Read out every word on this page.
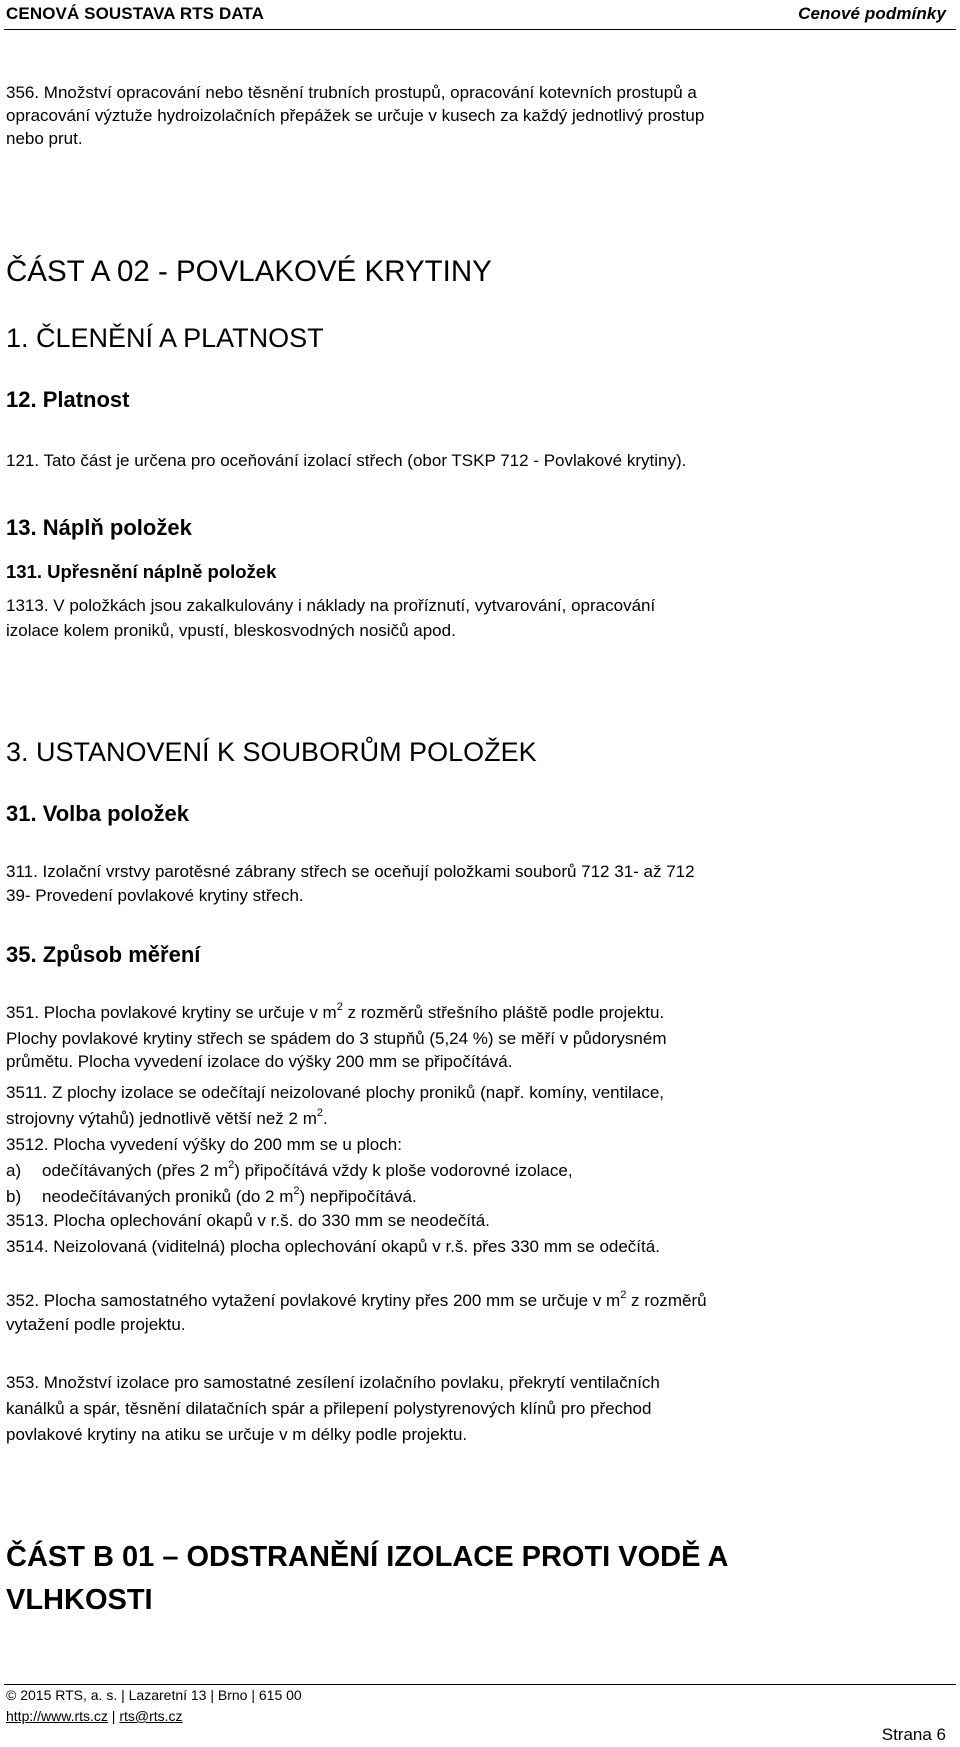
CENOVÁ SOUSTAVA RTS DATA	Cenové podmínky
356. Množství opracování nebo těsnění trubních prostupů, opracování kotevních prostupů a
opracování výztuže hydroizolačních přepážek se určuje v kusech za každý jednotlivý prostup
nebo prut.
ČÁST A 02 - POVLAKOVÉ KRYTINY
1. ČLENĚNÍ A PLATNOST
12. Platnost
121. Tato část je určena pro oceňování izolací střech (obor TSKP 712 - Povlakové krytiny).
13. Náplň položek
131. Upřesnění náplně položek
1313. V položkách jsou zakalkulovány i náklady na proříznutí, vytvarování, opracování
izolace kolem proniků, vpustí, bleskosvodných nosičů apod.
3. USTANOVENÍ K SOUBORŮM POLOŽEK
31. Volba položek
311. Izolační vrstvy parotěsné zábrany střech se oceňují položkami souborů 712 31- až 712
39- Provedení povlakové krytiny střech.
35. Způsob měření
351. Plocha povlakové krytiny se určuje v $m^2$ z rozměrů střešního pláště podle projektu.
Plochy povlakové krytiny střech se spádem do 3 stupňů (5,24 %) se měří v půdorysném
průmětu. Plocha vyvedení izolace do výšky 200 mm se připočítává.
3511. Z plochy izolace se odečítají neizolované plochy proniků (např. komíny, ventilace,
strojovny výtahů) jednotlivě větší než 2 $m^2$.
3512. Plocha vyvedení výšky do 200 mm se u ploch:
a) odečítávaných (přes 2 $m^2$) připočítává vždy k ploše vodorovné izolace,
b) neodečítávaných proniků (do 2 $m^2$) nepřipočítává.
3513. Plocha oplechování okapů v r.š. do 330 mm se neodečítá.
3514. Neizolovaná (viditelná) plocha oplechování okapů v r.š. přes 330 mm se odečítá.
352. Plocha samostatného vytažení povlakové krytiny přes 200 mm se určuje v $m^2$ z rozměrů
vytažení podle projektu.
353. Množství izolace pro samostatné zesílení izolačního povlaku, překrytí ventilačních
kanálků a spár, těsnění dilatačních spár a přilepení polystyrenových klínů pro přechod
povlakové krytiny na atiku se určuje v m délky podle projektu.
ČÁST B 01 – ODSTRANĚNÍ IZOLACE PROTI VODĚ A
VLHKOSTI
© 2015 RTS, a. s. | Lazaretní 13 | Brno | 615 00
http://www.rts.cz | rts@rts.cz
Strana 6
